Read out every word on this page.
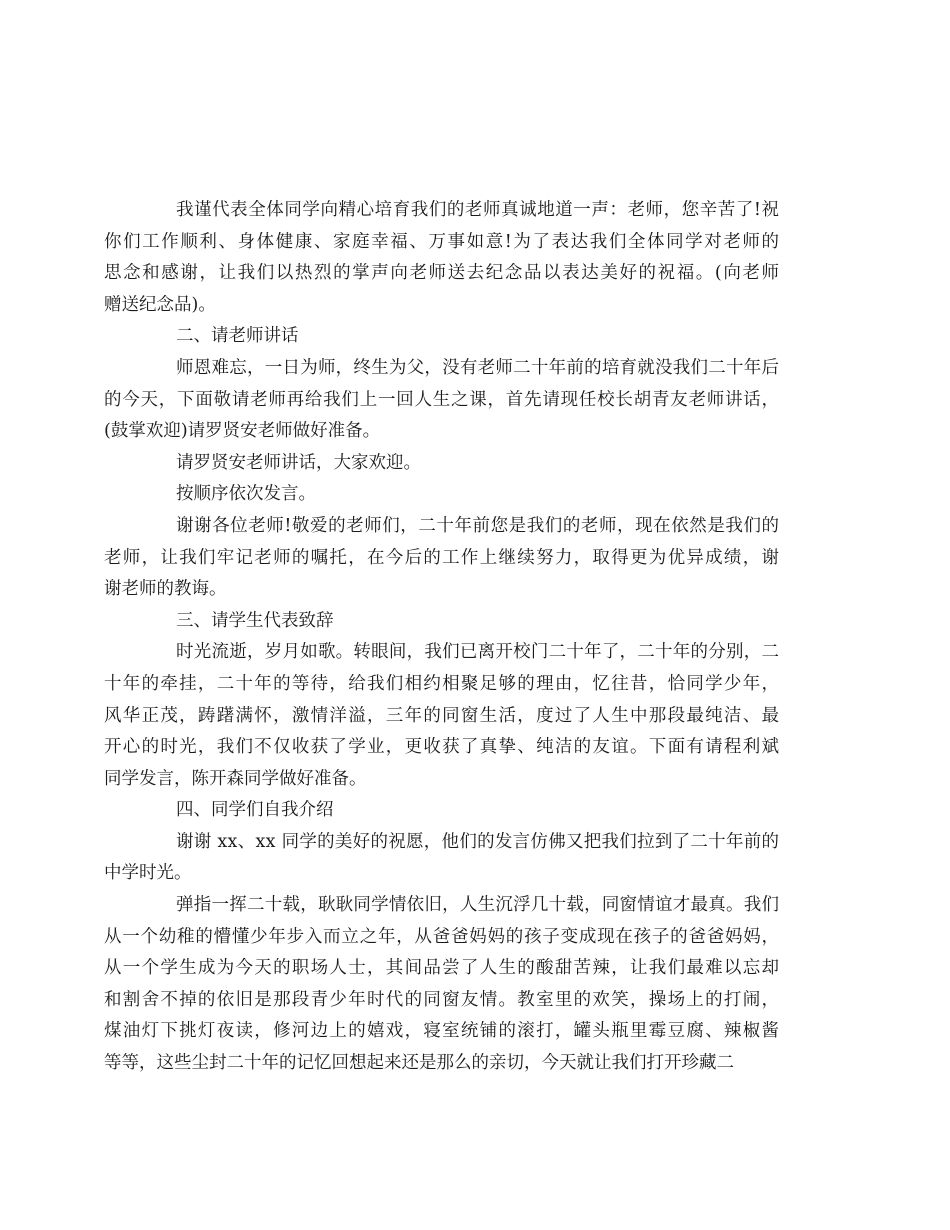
我谨代表全体同学向精心培育我们的老师真诚地道一声：老师，您辛苦了!祝
你们工作顺利、身体健康、家庭幸福、万事如意!为了表达我们全体同学对老师的
思念和感谢，让我们以热烈的掌声向老师送去纪念品以表达美好的祝福。(向老师
赠送纪念品)。
二、请老师讲话
师恩难忘，一日为师，终生为父，没有老师二十年前的培育就没我们二十年后
的今天，下面敬请老师再给我们上一回人生之课，首先请现任校长胡青友老师讲话，
(鼓掌欢迎)请罗贤安老师做好准备。
请罗贤安老师讲话，大家欢迎。
按顺序依次发言。
谢谢各位老师!敬爱的老师们，二十年前您是我们的老师，现在依然是我们的
老师，让我们牢记老师的嘱托，在今后的工作上继续努力，取得更为优异成绩，谢
谢老师的教诲。
三、请学生代表致辞
时光流逝，岁月如歌。转眼间，我们已离开校门二十年了，二十年的分别，二
十年的牵挂，二十年的等待，给我们相约相聚足够的理由，忆往昔，恰同学少年，
风华正茂，踌躇满怀，激情洋溢，三年的同窗生活，度过了人生中那段最纯洁、最
开心的时光，我们不仅收获了学业，更收获了真挚、纯洁的友谊。下面有请程利斌
同学发言，陈开森同学做好准备。
四、同学们自我介绍
谢谢 xx、xx 同学的美好的祝愿，他们的发言仿佛又把我们拉到了二十年前的
中学时光。
弹指一挥二十载，耿耿同学情依旧，人生沉浮几十载，同窗情谊才最真。我们
从一个幼稚的懵懂少年步入而立之年，从爸爸妈妈的孩子变成现在孩子的爸爸妈妈，
从一个学生成为今天的职场人士，其间品尝了人生的酸甜苦辣，让我们最难以忘却
和割舍不掉的依旧是那段青少年时代的同窗友情。教室里的欢笑，操场上的打闹，
煤油灯下挑灯夜读，修河边上的嬉戏，寝室统铺的滚打，罐头瓶里霉豆腐、辣椒酱
等等，这些尘封二十年的记忆回想起来还是那么的亲切，今天就让我们打开珍藏二
